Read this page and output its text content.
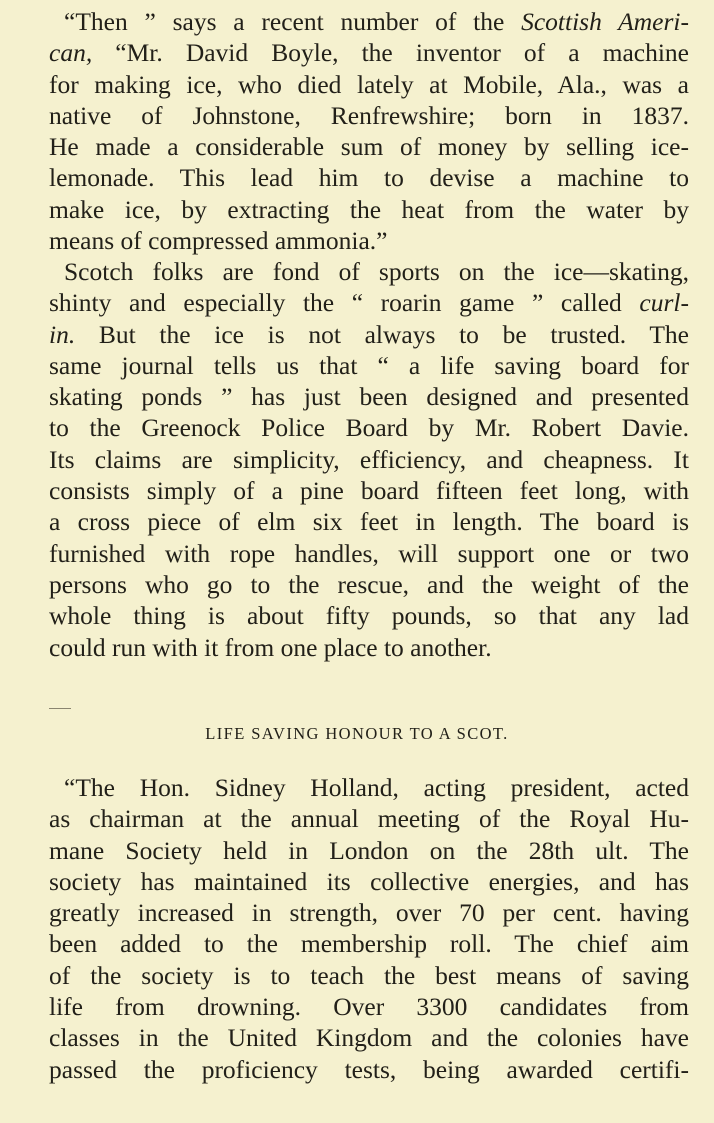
“Then ” says a recent number of the Scottish Ameri-
can, “Mr. David Boyle, the inventor of a machine
for making ice, who died lately at Mobile, Ala., was a
native of Johnstone, Renfrewshire; born in 1837.
He made a considerable sum of money by selling ice-
lemonade. This lead him to devise a machine to
make ice, by extracting the heat from the water by
means of compressed ammonia.”
Scotch folks are fond of sports on the ice—skating,
shinty and especially the “ roarin game ” called curl-
in. But the ice is not always to be trusted. The
same journal tells us that “ a life saving board for
skating ponds ” has just been designed and presented
to the Greenock Police Board by Mr. Robert Davie.
Its claims are simplicity, efficiency, and cheapness. It
consists simply of a pine board fifteen feet long, with
a cross piece of elm six feet in length. The board is
furnished with rope handles, will support one or two
persons who go to the rescue, and the weight of the
whole thing is about fifty pounds, so that any lad
could run with it from one place to another.
LIFE SAVING HONOUR TO A SCOT.
“The Hon. Sidney Holland, acting president, acted
as chairman at the annual meeting of the Royal Hu-
mane Society held in London on the 28th ult. The
society has maintained its collective energies, and has
greatly increased in strength, over 70 per cent. having
been added to the membership roll. The chief aim
of the society is to teach the best means of saving
life from drowning. Over 3300 candidates from
classes in the United Kingdom and the colonies have
passed the proficiency tests, being awarded certifi-
